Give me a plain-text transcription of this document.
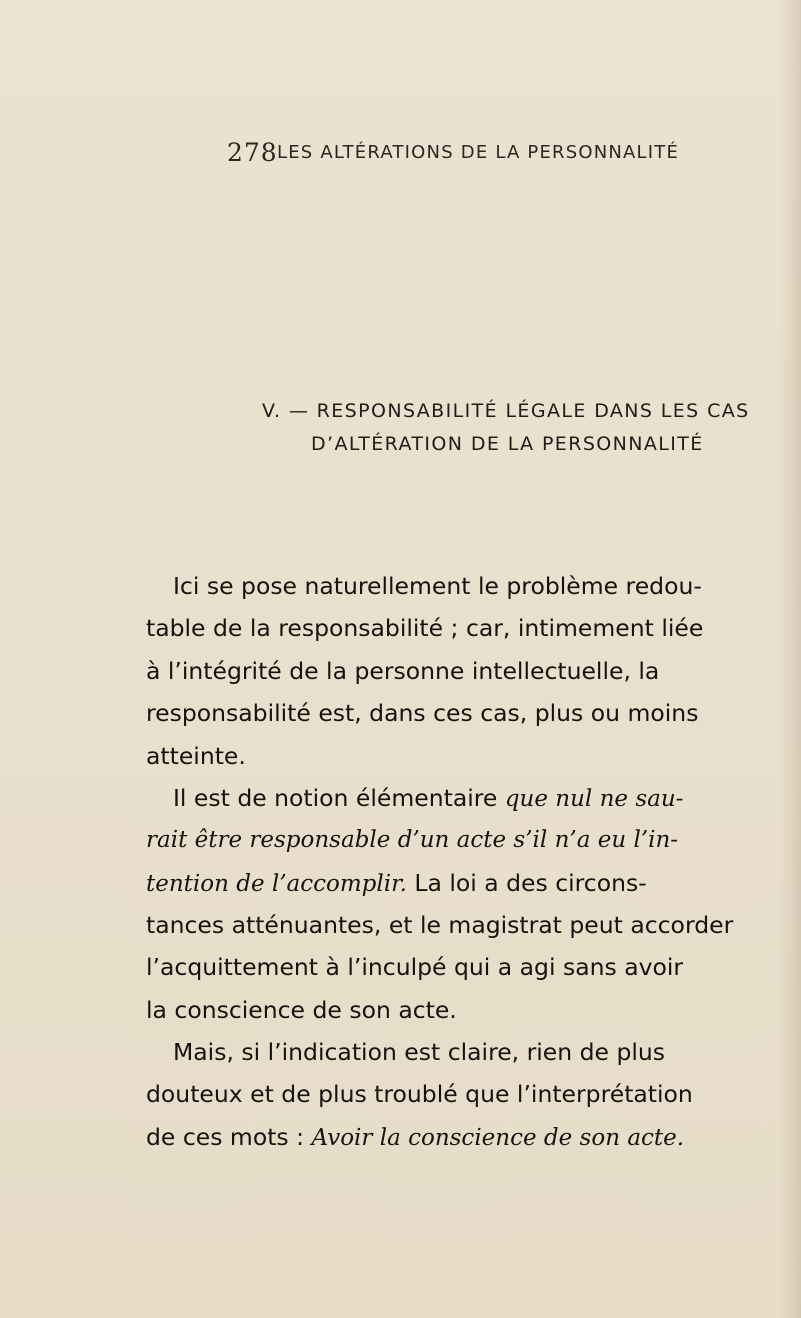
278 LES ALTÉRATIONS DE LA PERSONNALITÉ
V. — RESPONSABILITÉ LÉGALE DANS LES CAS
D’ALTÉRATION DE LA PERSONNALITÉ
Ici se pose naturellement le problème redou-
table de la responsabilité ; car, intimement liée
à l’intégrité de la personne intellectuelle, la
responsabilité est, dans ces cas, plus ou moins
atteinte.
Il est de notion élémentaire que nul ne sau-
rait être responsable d’un acte s’il n’a eu l’in-
tention de l’accomplir. La loi a des circons-
tances atténuantes, et le magistrat peut accorder
l’acquittement à l’inculpé qui a agi sans avoir
la conscience de son acte.
Mais, si l’indication est claire, rien de plus
douteux et de plus troublé que l’interprétation
de ces mots : Avoir la conscience de son acte.
